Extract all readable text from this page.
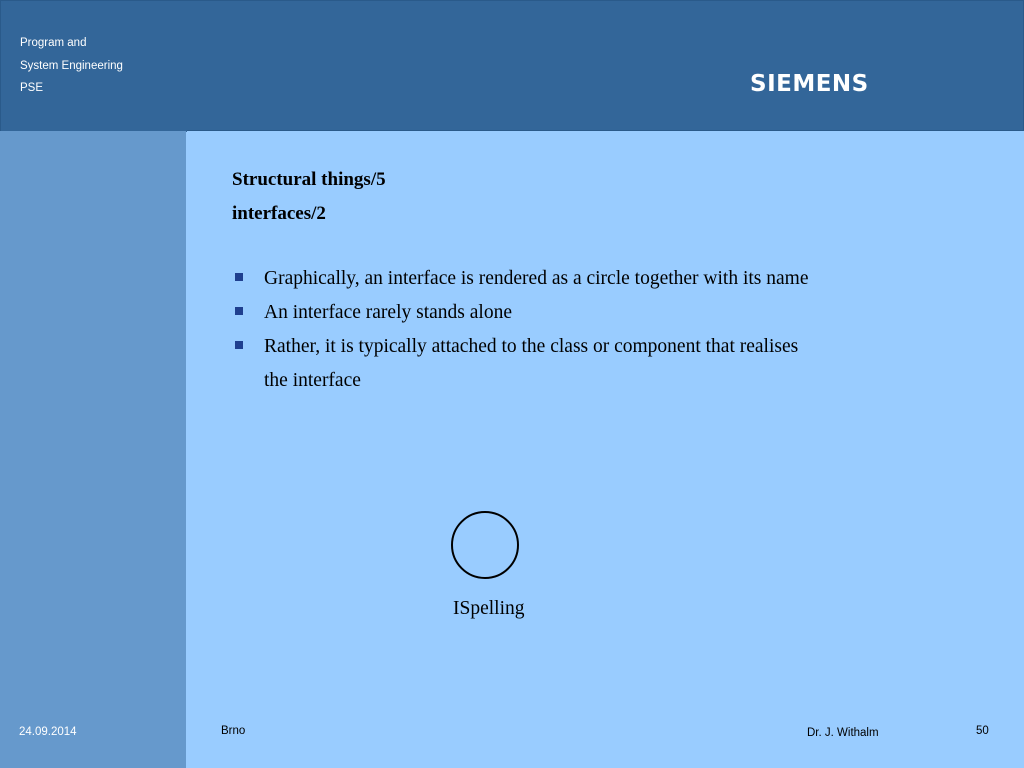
Program and
System Engineering
PSE	SIEMENS
Structural things/5
interfaces/2
Graphically, an interface is rendered as a circle together with its name
An interface rarely stands alone
Rather, it is typically attached to the class or component that realises
the interface
ISpelling
24.09.2014	Brno	Dr. J. Withalm	50
